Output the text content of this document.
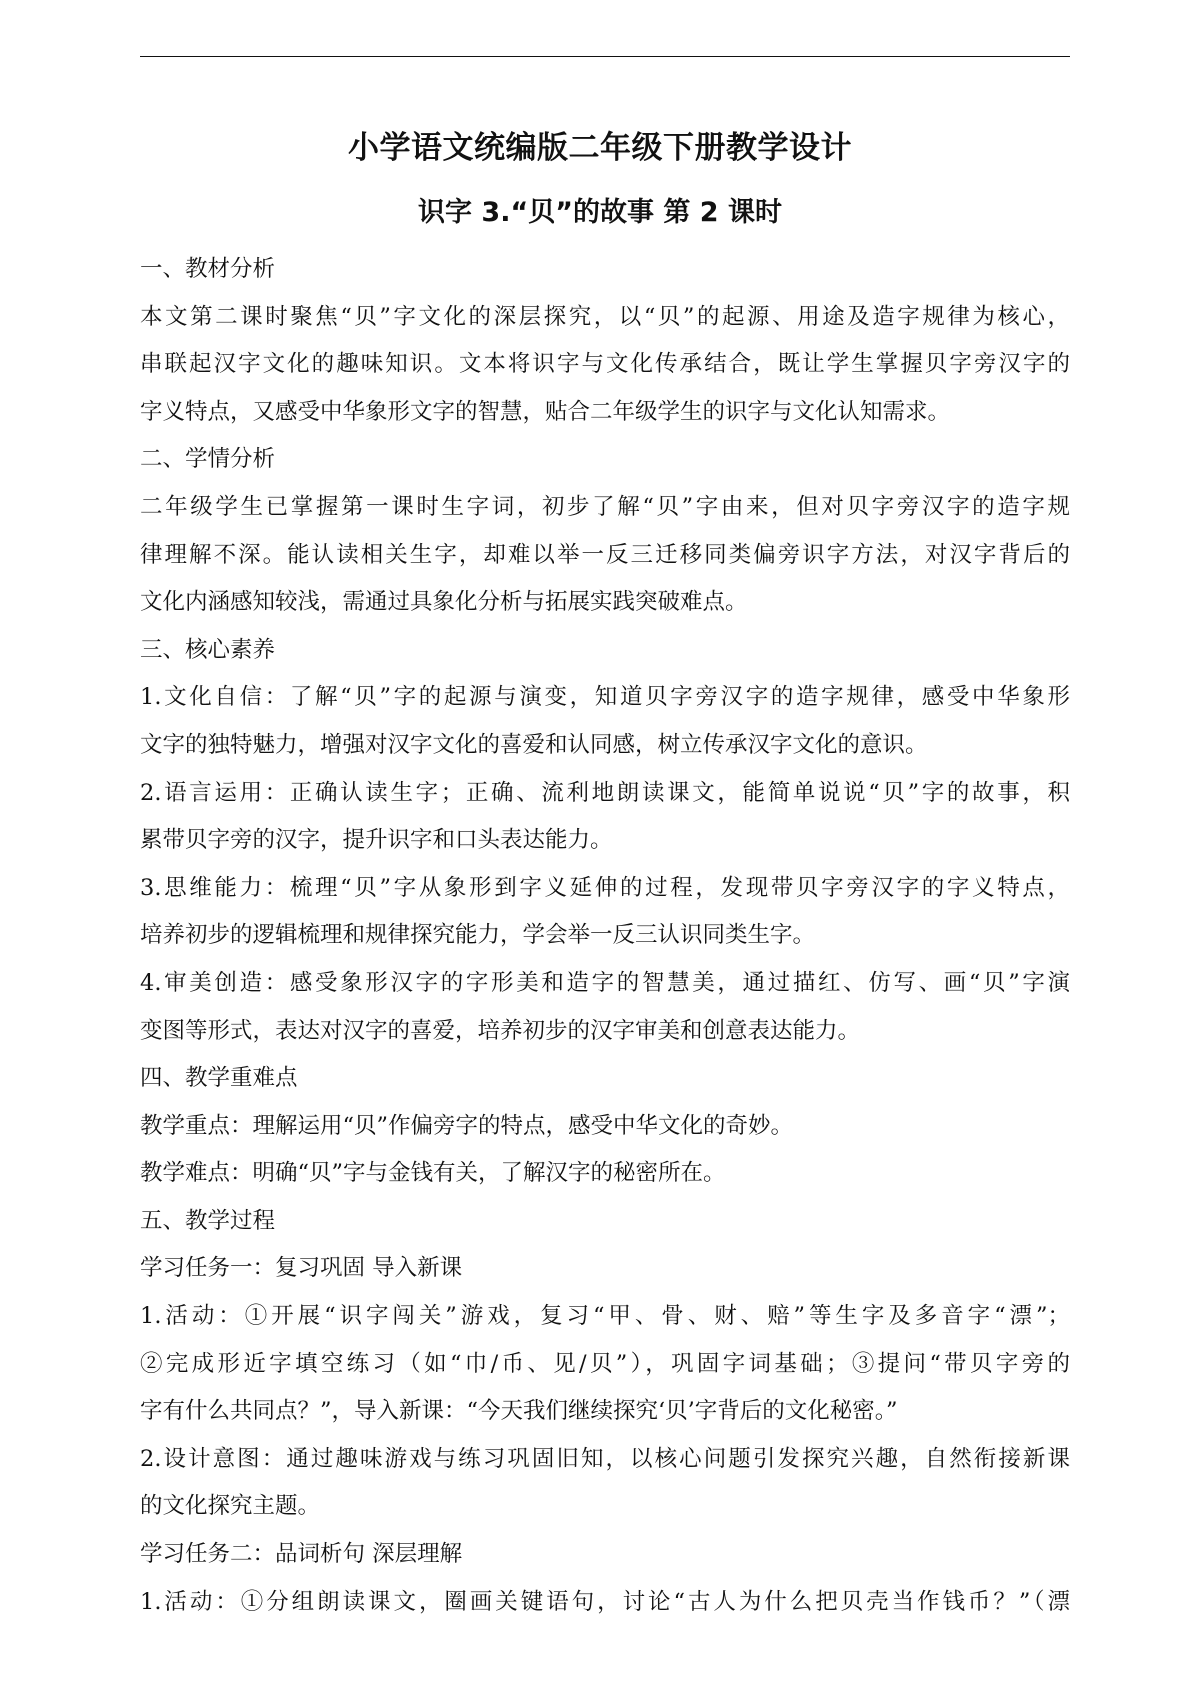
小学语文统编版二年级下册教学设计
识字 3.“贝”的故事 第 2 课时
一、教材分析
本文第二课时聚焦“贝”字文化的深层探究，以“贝”的起源、用途及造字规律为核心，
串联起汉字文化的趣味知识。文本将识字与文化传承结合，既让学生掌握贝字旁汉字的
字义特点，又感受中华象形文字的智慧，贴合二年级学生的识字与文化认知需求。
二、学情分析
二年级学生已掌握第一课时生字词，初步了解“贝”字由来，但对贝字旁汉字的造字规
律理解不深。能认读相关生字，却难以举一反三迁移同类偏旁识字方法，对汉字背后的
文化内涵感知较浅，需通过具象化分析与拓展实践突破难点。
三、核心素养
1.文化自信：了解“贝”字的起源与演变，知道贝字旁汉字的造字规律，感受中华象形
文字的独特魅力，增强对汉字文化的喜爱和认同感，树立传承汉字文化的意识。
2.语言运用：正确认读生字；正确、流利地朗读课文，能简单说说“贝”字的故事，积
累带贝字旁的汉字，提升识字和口头表达能力。
3.思维能力：梳理“贝”字从象形到字义延伸的过程，发现带贝字旁汉字的字义特点，
培养初步的逻辑梳理和规律探究能力，学会举一反三认识同类生字。
4.审美创造：感受象形汉字的字形美和造字的智慧美，通过描红、仿写、画“贝”字演
变图等形式，表达对汉字的喜爱，培养初步的汉字审美和创意表达能力。
四、教学重难点
教学重点：理解运用“贝”作偏旁字的特点，感受中华文化的奇妙。
教学难点：明确“贝”字与金钱有关，了解汉字的秘密所在。
五、教学过程
学习任务一：复习巩固 导入新课
1.活动：①开展“识字闯关”游戏，复习“甲、骨、财、赔”等生字及多音字“漂”；
②完成形近字填空练习（如“巾/币、见/贝”），巩固字词基础；③提问“带贝字旁的
字有什么共同点？”，导入新课：“今天我们继续探究‘贝’字背后的文化秘密。”
2.设计意图：通过趣味游戏与练习巩固旧知，以核心问题引发探究兴趣，自然衔接新课
的文化探究主题。
学习任务二：品词析句 深层理解
1.活动：①分组朗读课文，圈画关键语句，讨论“古人为什么把贝壳当作钱币？”（漂
